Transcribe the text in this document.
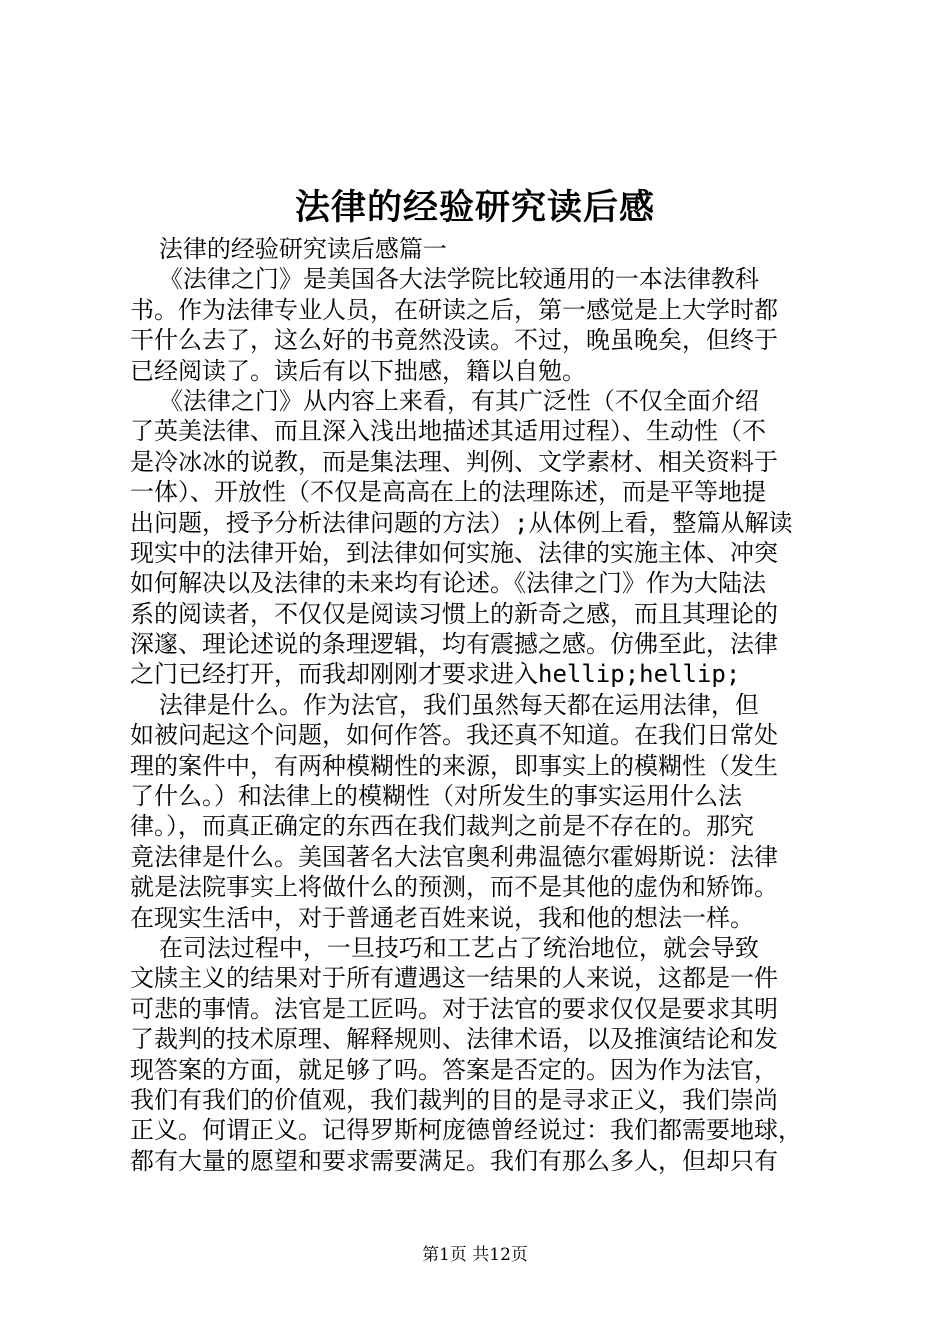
法律的经验研究读后感
法律的经验研究读后感篇一
《法律之门》是美国各大法学院比较通用的一本法律教科
书。作为法律专业人员，在研读之后，第一感觉是上大学时都
干什么去了，这么好的书竟然没读。不过，晚虽晚矣，但终于
已经阅读了。读后有以下拙感，籍以自勉。
《法律之门》从内容上来看，有其广泛性（不仅全面介绍
了英美法律、而且深入浅出地描述其适用过程）、生动性（不
是冷冰冰的说教，而是集法理、判例、文学素材、相关资料于
一体）、开放性（不仅是高高在上的法理陈述，而是平等地提
出问题，授予分析法律问题的方法）;从体例上看，整篇从解读
现实中的法律开始，到法律如何实施、法律的实施主体、冲突
如何解决以及法律的未来均有论述。《法律之门》作为大陆法
系的阅读者，不仅仅是阅读习惯上的新奇之感，而且其理论的
深邃、理论述说的条理逻辑，均有震撼之感。仿佛至此，法律
之门已经打开，而我却刚刚才要求进入hellip;hellip;
法律是什么。作为法官，我们虽然每天都在运用法律，但
如被问起这个问题，如何作答。我还真不知道。在我们日常处
理的案件中，有两种模糊性的来源，即事实上的模糊性（发生
了什么。）和法律上的模糊性（对所发生的事实运用什么法
律。），而真正确定的东西在我们裁判之前是不存在的。那究
竟法律是什么。美国著名大法官奥利弗温德尔霍姆斯说：法律
就是法院事实上将做什么的预测，而不是其他的虚伪和矫饰。
在现实生活中，对于普通老百姓来说，我和他的想法一样。
在司法过程中，一旦技巧和工艺占了统治地位，就会导致
文牍主义的结果对于所有遭遇这一结果的人来说，这都是一件
可悲的事情。法官是工匠吗。对于法官的要求仅仅是要求其明
了裁判的技术原理、解释规则、法律术语，以及推演结论和发
现答案的方面，就足够了吗。答案是否定的。因为作为法官，
我们有我们的价值观，我们裁判的目的是寻求正义，我们崇尚
正义。何谓正义。记得罗斯柯庞德曾经说过：我们都需要地球，
都有大量的愿望和要求需要满足。我们有那么多人，但却只有
第1页 共12页
